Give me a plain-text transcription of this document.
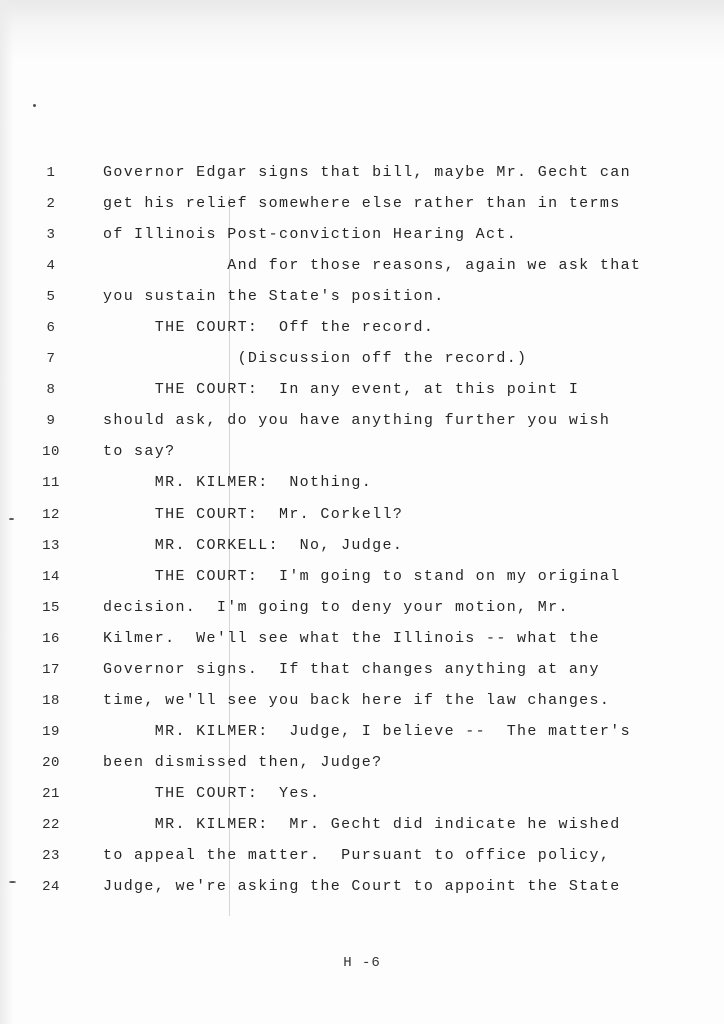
1	Governor Edgar signs that bill, maybe Mr. Gecht can
2	get his relief somewhere else rather than in terms
3	of Illinois Post-conviction Hearing Act.
4	And for those reasons, again we ask that
5	you sustain the State's position.
6	THE COURT:  Off the record.
7	(Discussion off the record.)
8	THE COURT:  In any event, at this point I
9	should ask, do you have anything further you wish
10	to say?
11	MR. KILMER:  Nothing.
12	THE COURT:  Mr. Corkell?
13	MR. CORKELL:  No, Judge.
14	THE COURT:  I'm going to stand on my original
15	decision.  I'm going to deny your motion, Mr.
16	Kilmer.  We'll see what the Illinois -- what the
17	Governor signs.  If that changes anything at any
18	time, we'll see you back here if the law changes.
19	MR. KILMER:  Judge, I believe --  The matter's
20	been dismissed then, Judge?
21	THE COURT:  Yes.
22	MR. KILMER:  Mr. Gecht did indicate he wished
23	to appeal the matter.  Pursuant to office policy,
24	Judge, we're asking the Court to appoint the State
H -6
